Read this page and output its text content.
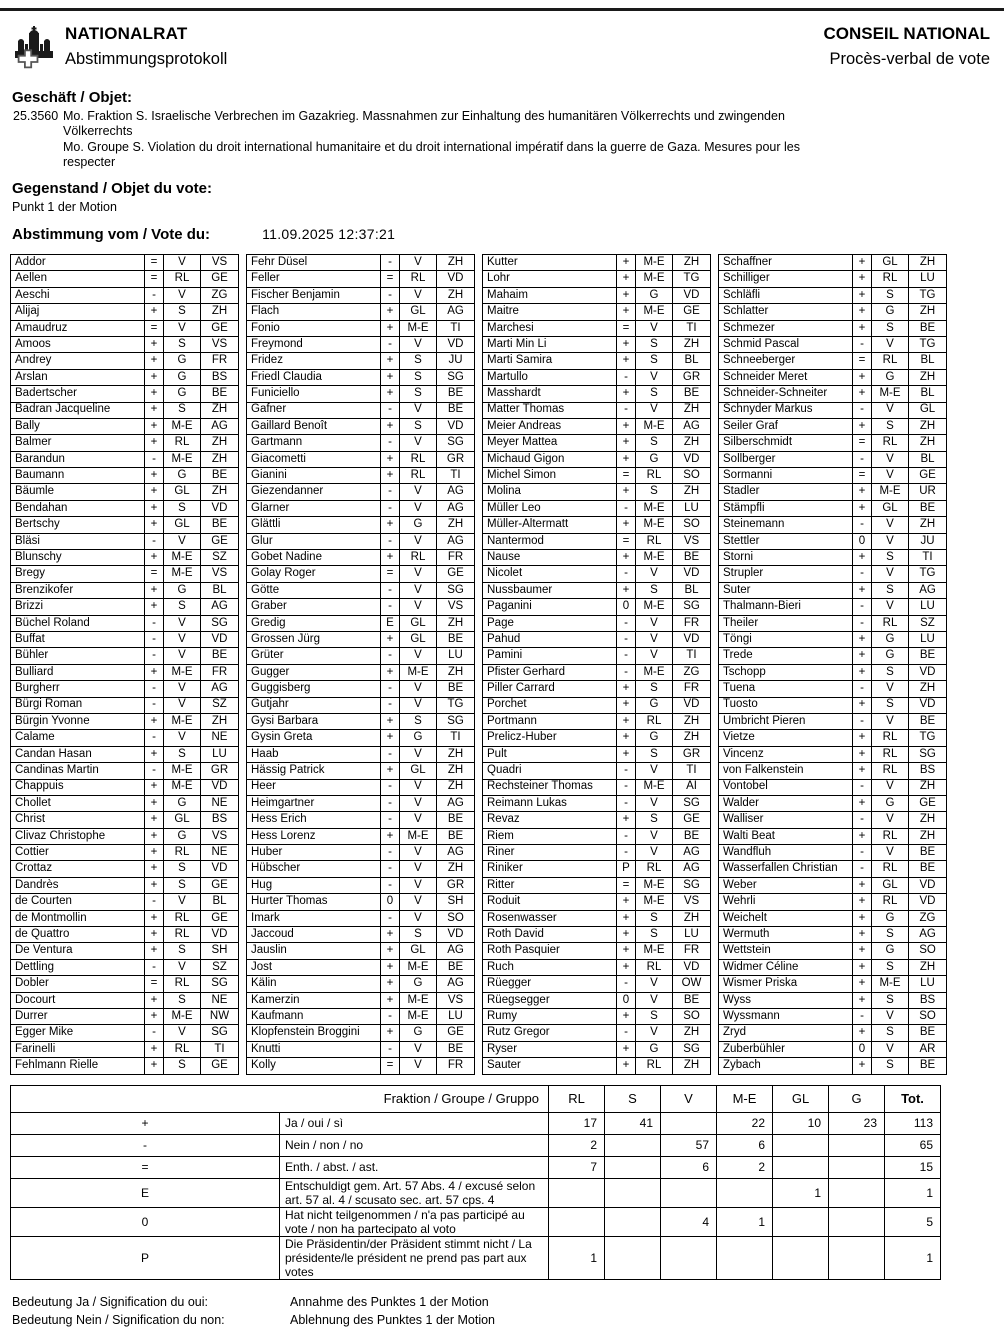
NATIONALRAT
Abstimmungsprotokoll
CONSEIL NATIONAL
Procès-verbal de vote
Geschäft / Objet:
25.3560 Mo. Fraktion S. Israelische Verbrechen im Gazakrieg. Massnahmen zur Einhaltung des humanitären Völkerrechts und zwingenden
Völkerrechts
Mo. Groupe S. Violation du droit international humanitaire et du droit international impératif dans la guerre de Gaza. Mesures pour les
respecter
Gegenstand / Objet du vote:
Punkt 1 der Motion
Abstimmung vom / Vote du:	11.09.2025 12:37:21
Addor	=	V	VS
Aellen	=	RL	GE
Aeschi	-	V	ZG
Alijaj	+	S	ZH
Amaudruz	=	V	GE
Amoos	+	S	VS
Andrey	+	G	FR
Arslan	+	G	BS
Badertscher	+	G	BE
Badran Jacqueline	+	S	ZH
Bally	+	M-E	AG
Balmer	+	RL	ZH
Barandun	-	M-E	ZH
Baumann	+	G	BE
Bäumle	+	GL	ZH
Bendahan	+	S	VD
Bertschy	+	GL	BE
Bläsi	-	V	GE
Blunschy	+	M-E	SZ
Bregy	=	M-E	VS
Brenzikofer	+	G	BL
Brizzi	+	S	AG
Büchel Roland	-	V	SG
Buffat	-	V	VD
Bühler	-	V	BE
Bulliard	+	M-E	FR
Burgherr	-	V	AG
Bürgi Roman	-	V	SZ
Bürgin Yvonne	+	M-E	ZH
Calame	-	V	NE
Candan Hasan	+	S	LU
Candinas Martin	-	M-E	GR
Chappuis	+	M-E	VD
Chollet	+	G	NE
Christ	+	GL	BS
Clivaz Christophe	+	G	VS
Cottier	+	RL	NE
Crottaz	+	S	VD
Dandrès	+	S	GE
de Courten	-	V	BL
de Montmollin	+	RL	GE
de Quattro	+	RL	VD
De Ventura	+	S	SH
Dettling	-	V	SZ
Dobler	=	RL	SG
Docourt	+	S	NE
Durrer	+	M-E	NW
Egger Mike	-	V	SG
Farinelli	+	RL	TI
Fehlmann Rielle	+	S	GE
Fehr Düsel	-	V	ZH
Feller	=	RL	VD
Fischer Benjamin	-	V	ZH
Flach	+	GL	AG
Fonio	+	M-E	TI
Freymond	-	V	VD
Fridez	+	S	JU
Friedl Claudia	+	S	SG
Funiciello	+	S	BE
Gafner	-	V	BE
Gaillard Benoît	+	S	VD
Gartmann	-	V	SG
Giacometti	+	RL	GR
Gianini	+	RL	TI
Giezendanner	-	V	AG
Glarner	-	V	AG
Glättli	+	G	ZH
Glur	-	V	AG
Gobet Nadine	+	RL	FR
Golay Roger	=	V	GE
Götte	-	V	SG
Graber	-	V	VS
Gredig	E	GL	ZH
Grossen Jürg	+	GL	BE
Grüter	-	V	LU
Gugger	+	M-E	ZH
Guggisberg	-	V	BE
Gutjahr	-	V	TG
Gysi Barbara	+	S	SG
Gysin Greta	+	G	TI
Haab	-	V	ZH
Hässig Patrick	+	GL	ZH
Heer	-	V	ZH
Heimgartner	-	V	AG
Hess Erich	-	V	BE
Hess Lorenz	+	M-E	BE
Huber	-	V	AG
Hübscher	-	V	ZH
Hug	-	V	GR
Hurter Thomas	0	V	SH
Imark	-	V	SO
Jaccoud	+	S	VD
Jauslin	+	GL	AG
Jost	+	M-E	BE
Kälin	+	G	AG
Kamerzin	+	M-E	VS
Kaufmann	-	M-E	LU
Klopfenstein Broggini	+	G	GE
Knutti	-	V	BE
Kolly	=	V	FR
Kutter	+	M-E	ZH
Lohr	+	M-E	TG
Mahaim	+	G	VD
Maitre	+	M-E	GE
Marchesi	=	V	TI
Marti Min Li	+	S	ZH
Marti Samira	+	S	BL
Martullo	-	V	GR
Masshardt	+	S	BE
Matter Thomas	-	V	ZH
Meier Andreas	+	M-E	AG
Meyer Mattea	+	S	ZH
Michaud Gigon	+	G	VD
Michel Simon	=	RL	SO
Molina	+	S	ZH
Müller Leo	-	M-E	LU
Müller-Altermatt	+	M-E	SO
Nantermod	=	RL	VS
Nause	+	M-E	BE
Nicolet	-	V	VD
Nussbaumer	+	S	BL
Paganini	0	M-E	SG
Page	-	V	FR
Pahud	-	V	VD
Pamini	-	V	TI
Pfister Gerhard	-	M-E	ZG
Piller Carrard	+	S	FR
Porchet	+	G	VD
Portmann	+	RL	ZH
Prelicz-Huber	+	G	ZH
Pult	+	S	GR
Quadri	-	V	TI
Rechsteiner Thomas	-	M-E	AI
Reimann Lukas	-	V	SG
Revaz	+	S	GE
Riem	-	V	BE
Riner	-	V	AG
Riniker	P	RL	AG
Ritter	=	M-E	SG
Roduit	+	M-E	VS
Rosenwasser	+	S	ZH
Roth David	+	S	LU
Roth Pasquier	+	M-E	FR
Ruch	+	RL	VD
Rüegger	-	V	OW
Rüegsegger	0	V	BE
Rumy	+	S	SO
Rutz Gregor	-	V	ZH
Ryser	+	G	SG
Sauter	+	RL	ZH
Schaffner	+	GL	ZH
Schilliger	+	RL	LU
Schläfli	+	S	TG
Schlatter	+	G	ZH
Schmezer	+	S	BE
Schmid Pascal	-	V	TG
Schneeberger	=	RL	BL
Schneider Meret	+	G	ZH
Schneider-Schneiter	+	M-E	BL
Schnyder Markus	-	V	GL
Seiler Graf	+	S	ZH
Silberschmidt	=	RL	ZH
Sollberger	-	V	BL
Sormanni	=	V	GE
Stadler	+	M-E	UR
Stämpfli	+	GL	BE
Steinemann	-	V	ZH
Stettler	0	V	JU
Storni	+	S	TI
Strupler	-	V	TG
Suter	+	S	AG
Thalmann-Bieri	-	V	LU
Theiler	-	RL	SZ
Töngi	+	G	LU
Trede	+	G	BE
Tschopp	+	S	VD
Tuena	-	V	ZH
Tuosto	+	S	VD
Umbricht Pieren	-	V	BE
Vietze	+	RL	TG
Vincenz	+	RL	SG
von Falkenstein	+	RL	BS
Vontobel	-	V	ZH
Walder	+	G	GE
Walliser	-	V	ZH
Walti Beat	+	RL	ZH
Wandfluh	-	V	BE
Wasserfallen Christian	-	RL	BE
Weber	+	GL	VD
Wehrli	+	RL	VD
Weichelt	+	G	ZG
Wermuth	+	S	AG
Wettstein	+	G	SO
Widmer Céline	+	S	ZH
Wismer Priska	+	M-E	LU
Wyss	+	S	BS
Wyssmann	-	V	SO
Zryd	+	S	BE
Zuberbühler	0	V	AR
Zybach	+	S	BE
Fraktion / Groupe / Gruppo		RL	S	V	M-E	GL	G	Tot.
+	Ja / oui / sì	17	41		22	10	23	113
-	Nein / non / no	2		57	6			65
=	Enth. / abst. / ast.	7		6	2			15
E	Entschuldigt gem. Art. 57 Abs. 4 / excusé selon art. 57 al. 4 / scusato sec. art. 57 cps. 4					1		1
0	Hat nicht teilgenommen / n'a pas participé au vote / non ha partecipato al voto			4	1			5
P	Die Präsidentin/der Präsident stimmt nicht / La présidente/le président ne prend pas part aux votes	1						1
Bedeutung Ja / Signification du oui:	Annahme des Punktes 1 der Motion
Bedeutung Nein / Signification du non:	Ablehnung des Punktes 1 der Motion
